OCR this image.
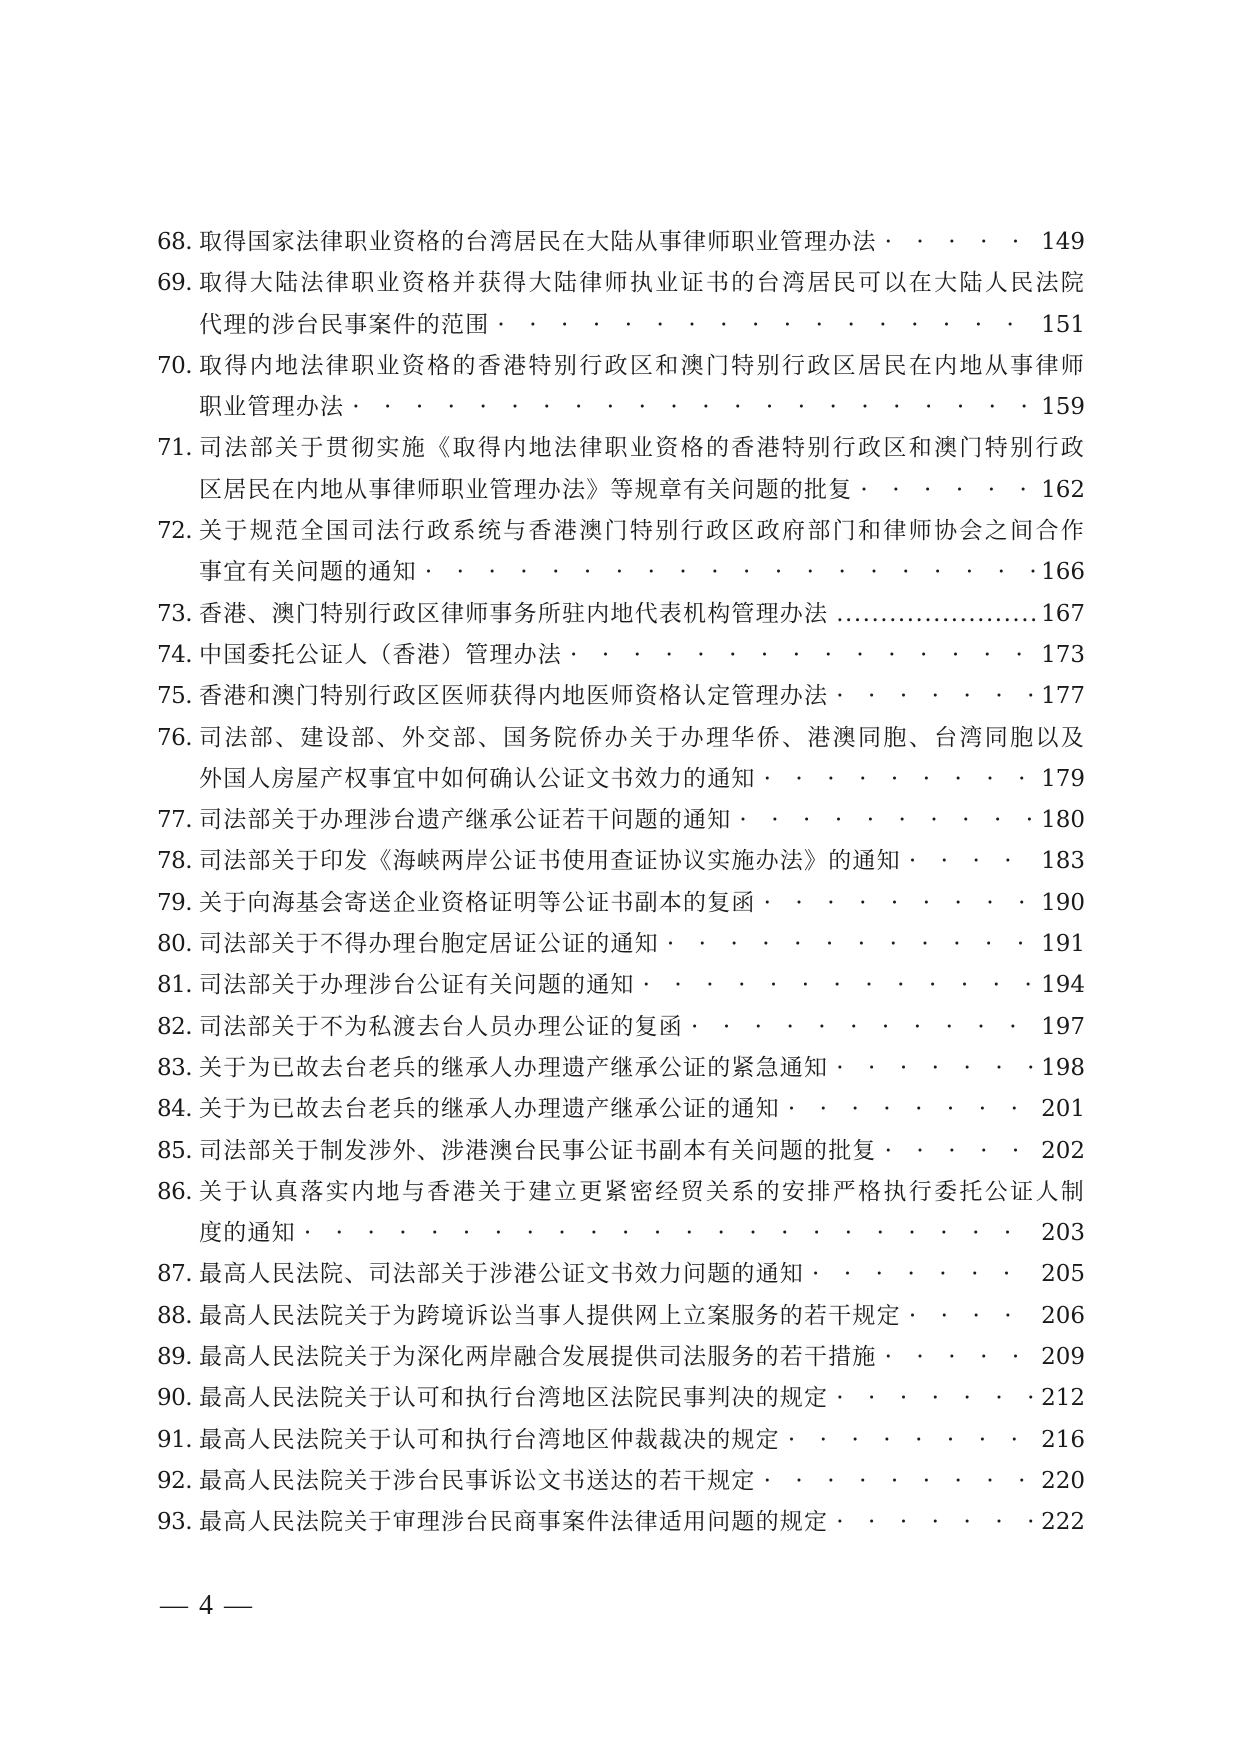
68. 取得国家法律职业资格的台湾居民在大陆从事律师职业管理办法 · · ·	149
69. 取得大陆法律职业资格并获得大陆律师执业证书的台湾居民可以在大陆人民法院
代理的涉台民事案件的范围 · · ·	151
70. 取得内地法律职业资格的香港特别行政区和澳门特别行政区居民在内地从事律师
职业管理办法 · · ·	159
71. 司法部关于贯彻实施《取得内地法律职业资格的香港特别行政区和澳门特别行政
区居民在内地从事律师职业管理办法》等规章有关问题的批复 · · ·	162
72. 关于规范全国司法行政系统与香港澳门特别行政区政府部门和律师协会之间合作
事宜有关问题的通知 · · ·	166
73. 香港、澳门特别行政区律师事务所驻内地代表机构管理办法 .....	167
74. 中国委托公证人（香港）管理办法 · · ·	173
75. 香港和澳门特别行政区医师获得内地医师资格认定管理办法 · · ·	177
76. 司法部、建设部、外交部、国务院侨办关于办理华侨、港澳同胞、台湾同胞以及
外国人房屋产权事宜中如何确认公证文书效力的通知 · · ·	179
77. 司法部关于办理涉台遗产继承公证若干问题的通知 · · ·	180
78. 司法部关于印发《海峡两岸公证书使用查证协议实施办法》的通知 · · ·	183
79. 关于向海基会寄送企业资格证明等公证书副本的复函 · · ·	190
80. 司法部关于不得办理台胞定居证公证的通知 · · ·	191
81. 司法部关于办理涉台公证有关问题的通知 · · ·	194
82. 司法部关于不为私渡去台人员办理公证的复函 · · ·	197
83. 关于为已故去台老兵的继承人办理遗产继承公证的紧急通知 · · ·	198
84. 关于为已故去台老兵的继承人办理遗产继承公证的通知 · · ·	201
85. 司法部关于制发涉外、涉港澳台民事公证书副本有关问题的批复 · · ·	202
86. 关于认真落实内地与香港关于建立更紧密经贸关系的安排严格执行委托公证人制
度的通知 · · ·	203
87. 最高人民法院、司法部关于涉港公证文书效力问题的通知 · · ·	205
88. 最高人民法院关于为跨境诉讼当事人提供网上立案服务的若干规定 · · ·	206
89. 最高人民法院关于为深化两岸融合发展提供司法服务的若干措施 · · ·	209
90. 最高人民法院关于认可和执行台湾地区法院民事判决的规定 · · ·	212
91. 最高人民法院关于认可和执行台湾地区仲裁裁决的规定 · · ·	216
92. 最高人民法院关于涉台民事诉讼文书送达的若干规定 · · ·	220
93. 最高人民法院关于审理涉台民商事案件法律适用问题的规定 · · ·	222
— 4 —
